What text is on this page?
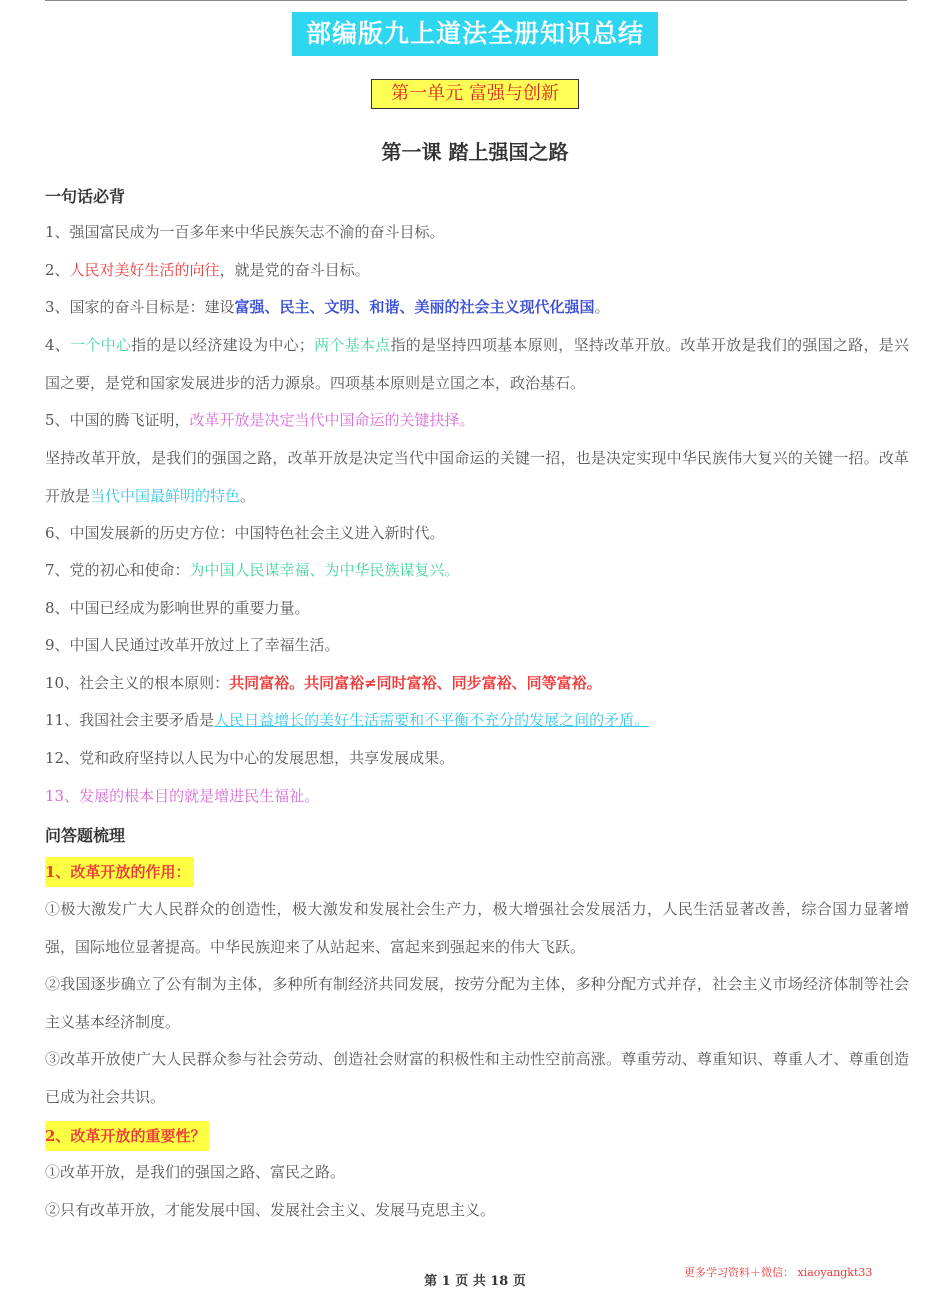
部编版九上道法全册知识总结
第一单元 富强与创新
第一课 踏上强国之路
一句话必背
1、强国富民成为一百多年来中华民族矢志不渝的奋斗目标。
2、人民对美好生活的向往，就是党的奋斗目标。
3、国家的奋斗目标是：建设富强、民主、文明、和谐、美丽的社会主义现代化强国。
4、一个中心指的是以经济建设为中心；两个基本点指的是坚持四项基本原则，坚持改革开放。改革开放是我们的强国之路，是兴国之要，是党和国家发展进步的活力源泉。四项基本原则是立国之本，政治基石。
5、中国的腾飞证明，改革开放是决定当代中国命运的关键抉择。
坚持改革开放，是我们的强国之路，改革开放是决定当代中国命运的关键一招，也是决定实现中华民族伟大复兴的关键一招。改革开放是当代中国最鲜明的特色。
6、中国发展新的历史方位：中国特色社会主义进入新时代。
7、党的初心和使命：为中国人民谋幸福、为中华民族谋复兴。
8、中国已经成为影响世界的重要力量。
9、中国人民通过改革开放过上了幸福生活。
10、社会主义的根本原则：共同富裕。共同富裕≠同时富裕、同步富裕、同等富裕。
11、我国社会主要矛盾是人民日益增长的美好生活需要和不平衡不充分的发展之间的矛盾。
12、党和政府坚持以人民为中心的发展思想，共享发展成果。
13、发展的根本目的就是增进民生福祉。
问答题梳理
1、改革开放的作用：
①极大激发广大人民群众的创造性，极大激发和发展社会生产力，极大增强社会发展活力，人民生活显著改善，综合国力显著增强，国际地位显著提高。中华民族迎来了从站起来、富起来到强起来的伟大飞跃。
②我国逐步确立了公有制为主体，多种所有制经济共同发展，按劳分配为主体，多种分配方式并存，社会主义市场经济体制等社会主义基本经济制度。
③改革开放使广大人民群众参与社会劳动、创造社会财富的积极性和主动性空前高涨。尊重劳动、尊重知识、尊重人才、尊重创造已成为社会共识。
2、改革开放的重要性？
①改革开放，是我们的强国之路、富民之路。
②只有改革开放，才能发展中国、发展社会主义、发展马克思主义。
第 1 页 共 18 页
更多学习资料＋微信： xiaoyangkt33
